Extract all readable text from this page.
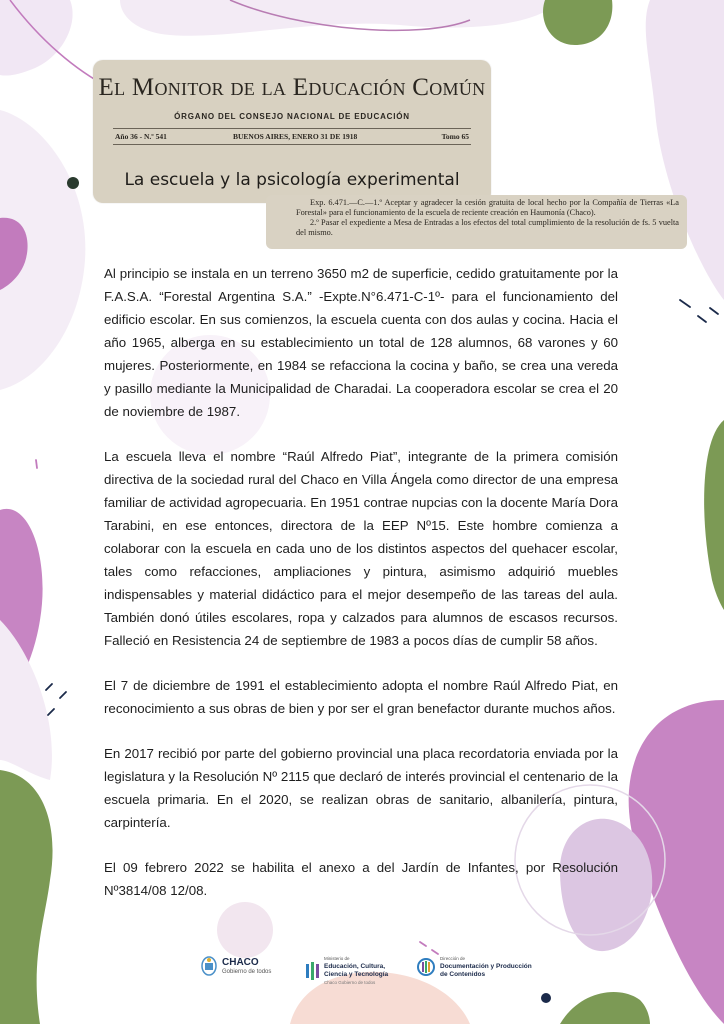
El Monitor de la Educación Común
ÓRGANO DEL CONSEJO NACIONAL DE EDUCACIÓN
Año 36 - N.º 541	BUENOS AIRES, ENERO 31 DE 1918	Tomo 65
La escuela y la psicología experimental

Exp. 6.471.—C.—1.º Aceptar y agradecer la cesión gratuita de local hecho por la Compañía de Tierras «La Forestal» para el funcionamiento de la escuela de reciente creación en Haumonía (Chaco).

2.º Pasar el expediente a Mesa de Entradas a los efectos del total cumplimiento de la resolución de fs. 5 vuelta del mismo.

Al principio se instala en un terreno 3650 m2 de superficie, cedido gratuitamente por la F.A.S.A. “Forestal Argentina S.A.” -Expte.N°6.471-C-1º- para el funcionamiento del edificio escolar. En sus comienzos, la escuela cuenta con dos aulas y cocina. Hacia el año 1965, alberga en su establecimiento un total de 128 alumnos, 68 varones y 60 mujeres. Posteriormente, en 1984 se refacciona la cocina y baño, se crea una vereda y pasillo mediante la Municipalidad de Charadai. La cooperadora escolar se crea el 20 de noviembre de 1987.

La escuela lleva el nombre “Raúl Alfredo Piat”, integrante de la primera comisión directiva de la sociedad rural del Chaco en Villa Ángela como director de una empresa familiar de actividad agropecuaria. En 1951 contrae nupcias con la docente María Dora Tarabini, en ese entonces, directora de la EEP Nº15. Este hombre comienza a colaborar con la escuela en cada uno de los distintos aspectos del quehacer escolar, tales como refacciones, ampliaciones y pintura, asimismo adquirió muebles indispensables y material didáctico para el mejor desempeño de las tareas del aula. También donó útiles escolares, ropa y calzados para alumnos de escasos recursos. Falleció en Resistencia 24 de septiembre de 1983 a pocos días de cumplir 58 años.

El 7 de diciembre de 1991 el establecimiento adopta el nombre Raúl Alfredo Piat, en reconocimiento a sus obras de bien y por ser el gran benefactor durante muchos años.

En 2017 recibió por parte del gobierno provincial una placa recordatoria enviada por la legislatura y la Resolución Nº 2115 que declaró de interés provincial el centenario de la escuela primaria. En el 2020, se realizan obras de sanitario, albanilería, pintura, carpintería.

El 09 febrero 2022 se habilita el anexo a del Jardín de Infantes, por Resolución Nº3814/08 12/08.

CHACO
Gobierno de todos
Ministerio de
Educación, Cultura,
Ciencia y Tecnología
Chaco Gobierno de todos
Dirección de
Documentación y Producción
de Contenidos
